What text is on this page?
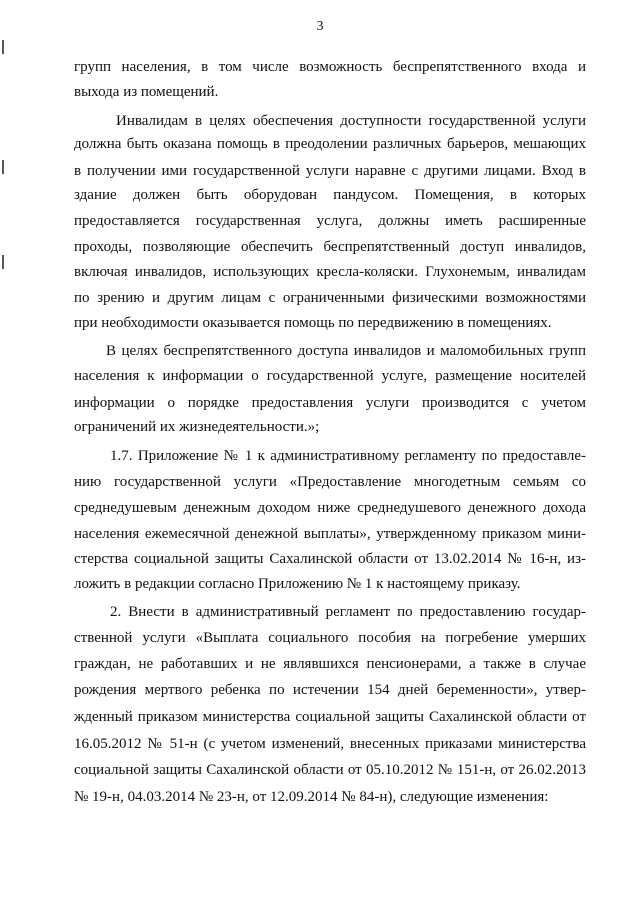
3
групп населения, в том числе возможность беспрепятственного входа и
выхода из помещений.
Инвалидам в целях обеспечения доступности государственной услуги
должна быть оказана помощь в преодолении различных барьеров, мешающих
в получении ими государственной услуги наравне с другими лицами. Вход в
здание должен быть оборудован пандусом. Помещения, в которых
предоставляется государственная услуга, должны иметь расширенные
проходы, позволяющие обеспечить беспрепятственный доступ инвалидов,
включая инвалидов, использующих кресла-коляски. Глухонемым, инвалидам
по зрению и другим лицам с ограниченными физическими возможностями
при необходимости оказывается помощь по передвижению в помещениях.
В целях беспрепятственного доступа инвалидов и маломобильных групп
населения к информации о государственной услуге, размещение носителей
информации о порядке предоставления услуги производится с учетом
ограничений их жизнедеятельности.»;
1.7. Приложение № 1 к административному регламенту по предоставле-
нию государственной услуги «Предоставление многодетным семьям со
среднедушевым денежным доходом ниже среднедушевого денежного дохода
населения ежемесячной денежной выплаты», утвержденному приказом мини-
стерства социальной защиты Сахалинской области от 13.02.2014 № 16-н, из-
ложить в редакции согласно Приложению № 1 к настоящему приказу.
2. Внести в административный регламент по предоставлению государ-
ственной услуги «Выплата социального пособия на погребение умерших
граждан, не работавших и не являвшихся пенсионерами, а также в случае
рождения мертвого ребенка по истечении 154 дней беременности», утвер-
жденный приказом министерства социальной защиты Сахалинской области от
16.05.2012 № 51-н (с учетом изменений, внесенных приказами министерства
социальной защиты Сахалинской области от 05.10.2012 № 151-н, от 26.02.2013
№ 19-н, 04.03.2014 № 23-н, от 12.09.2014 № 84-н), следующие изменения:
